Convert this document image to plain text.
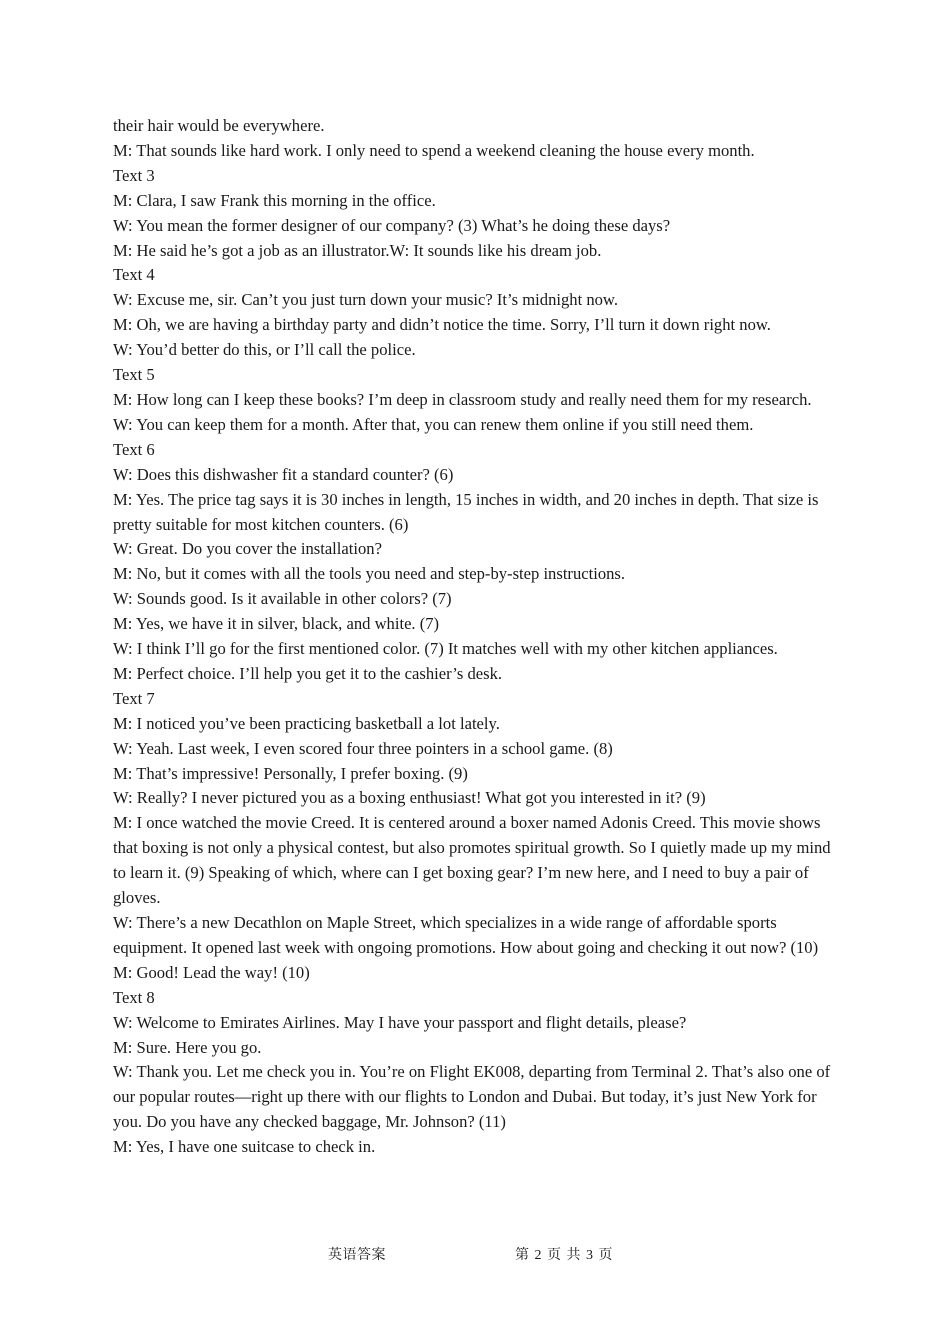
their hair would be everywhere.

M: That sounds like hard work. I only need to spend a weekend cleaning the house every month.

Text 3

M: Clara, I saw Frank this morning in the office.

W: You mean the former designer of our company? (3) What’s he doing these days?

M: He said he’s got a job as an illustrator.W: It sounds like his dream job.

Text 4

W: Excuse me, sir. Can’t you just turn down your music? It’s midnight now.

M: Oh, we are having a birthday party and didn’t notice the time. Sorry, I’ll turn it down right now.

W: You’d better do this, or I’ll call the police.

Text 5

M: How long can I keep these books? I’m deep in classroom study and really need them for my research.

W: You can keep them for a month. After that, you can renew them online if you still need them.

Text 6

W: Does this dishwasher fit a standard counter? (6)

M: Yes. The price tag says it is 30 inches in length, 15 inches in width, and 20 inches in depth. That size is pretty suitable for most kitchen counters. (6)

W: Great. Do you cover the installation?

M: No, but it comes with all the tools you need and step-by-step instructions.

W: Sounds good. Is it available in other colors? (7)

M: Yes, we have it in silver, black, and white. (7)

W: I think I’ll go for the first mentioned color. (7) It matches well with my other kitchen appliances.

M: Perfect choice. I’ll help you get it to the cashier’s desk.

Text 7

M: I noticed you’ve been practicing basketball a lot lately.

W: Yeah. Last week, I even scored four three pointers in a school game. (8)

M: That’s impressive! Personally, I prefer boxing. (9)

W: Really? I never pictured you as a boxing enthusiast! What got you interested in it? (9)

M: I once watched the movie Creed. It is centered around a boxer named Adonis Creed. This movie shows that boxing is not only a physical contest, but also promotes spiritual growth. So I quietly made up my mind to learn it. (9) Speaking of which, where can I get boxing gear? I’m new here, and I need to buy a pair of gloves.

W: There’s a new Decathlon on Maple Street, which specializes in a wide range of affordable sports equipment. It opened last week with ongoing promotions. How about going and checking it out now? (10)

M: Good! Lead the way! (10)

Text 8

W: Welcome to Emirates Airlines. May I have your passport and flight details, please?

M: Sure. Here you go.

W: Thank you. Let me check you in. You’re on Flight EK008, departing from Terminal 2. That’s also one of our popular routes—right up there with our flights to London and Dubai. But today, it’s just New York for you. Do you have any checked baggage, Mr. Johnson? (11)

M: Yes, I have one suitcase to check in.

英语答案	第 2 页 共 3 页
